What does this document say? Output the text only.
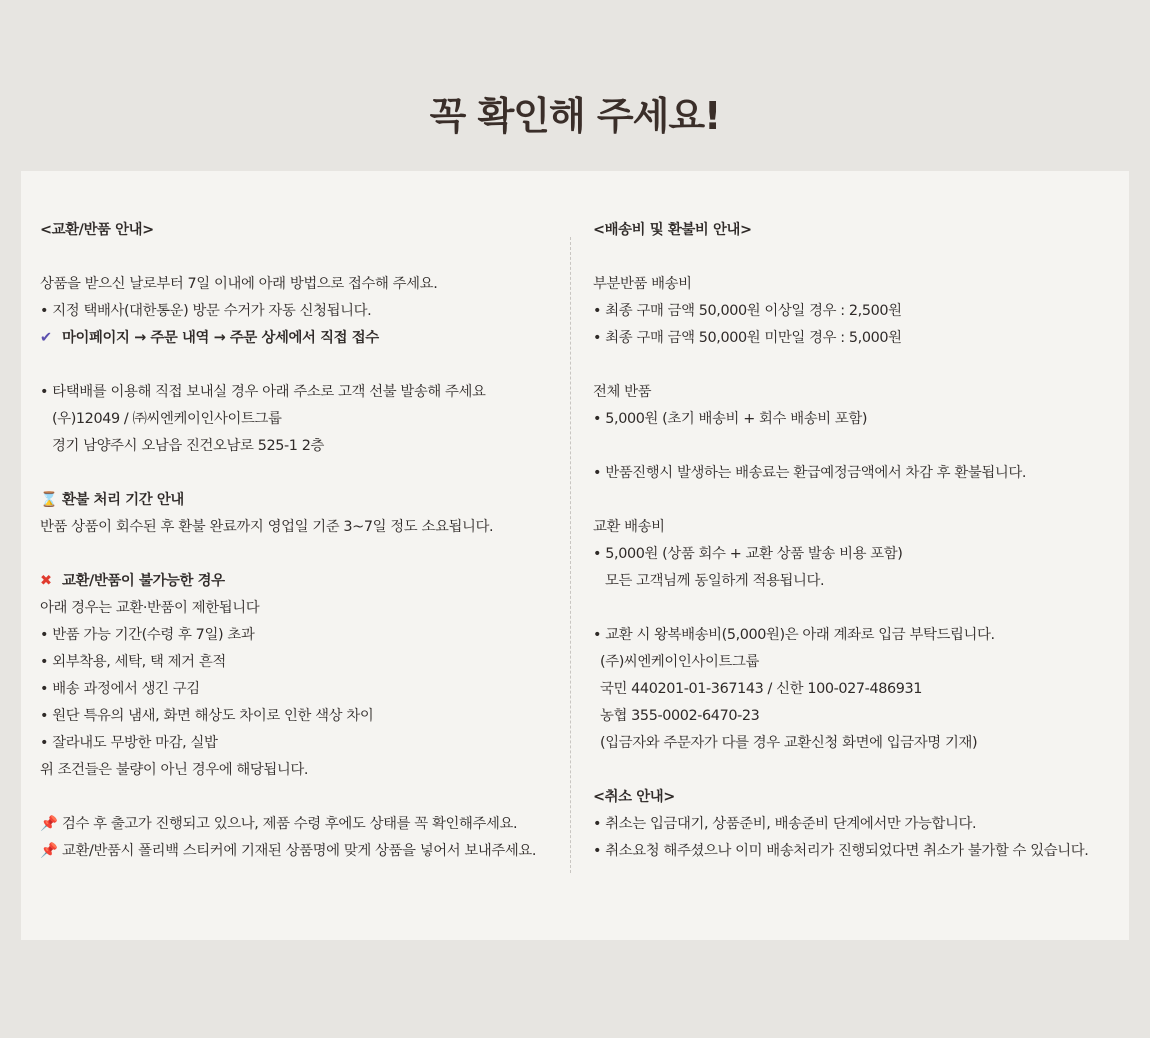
꼭 확인해 주세요!
<교환/반품 안내>
상품을 받으신 날로부터 7일 이내에 아래 방법으로 접수해 주세요.
• 지정 택배사(대한통운) 방문 수거가 자동 신청됩니다.
✔ 마이페이지 → 주문 내역 → 주문 상세에서 직접 접수
• 타택배를 이용해 직접 보내실 경우 아래 주소로 고객 선불 발송해 주세요
(우)12049 / ㈜씨엔케이인사이트그룹
경기 남양주시 오남읍 진건오남로 525-1 2층
⌛ 환불 처리 기간 안내
반품 상품이 회수된 후 환불 완료까지 영업일 기준 3~7일 정도 소요됩니다.
✖ 교환/반품이 불가능한 경우
아래 경우는 교환·반품이 제한됩니다
• 반품 가능 기간(수령 후 7일) 초과
• 외부착용, 세탁, 택 제거 흔적
• 배송 과정에서 생긴 구김
• 원단 특유의 냄새, 화면 해상도 차이로 인한 색상 차이
• 잘라내도 무방한 마감, 실밥
위 조건들은 불량이 아닌 경우에 해당됩니다.
📌 검수 후 출고가 진행되고 있으나, 제품 수령 후에도 상태를 꼭 확인해주세요.
📌 교환/반품시 폴리백 스티커에 기재된 상품명에 맞게 상품을 넣어서 보내주세요.
<배송비 및 환불비 안내>
부분반품 배송비
• 최종 구매 금액 50,000원 이상일 경우 : 2,500원
• 최종 구매 금액 50,000원 미만일 경우 : 5,000원
전체 반품
• 5,000원 (초기 배송비 + 회수 배송비 포함)
• 반품진행시 발생하는 배송료는 환급예정금액에서 차감 후 환불됩니다.
교환 배송비
• 5,000원 (상품 회수 + 교환 상품 발송 비용 포함)
모든 고객님께 동일하게 적용됩니다.
• 교환 시 왕복배송비(5,000원)은 아래 계좌로 입금 부탁드립니다.
(주)씨엔케이인사이트그룹
국민 440201-01-367143 / 신한 100-027-486931
농협 355-0002-6470-23
(입금자와 주문자가 다를 경우 교환신청 화면에 입금자명 기재)
<취소 안내>
• 취소는 입금대기, 상품준비, 배송준비 단계에서만 가능합니다.
• 취소요청 해주셨으나 이미 배송처리가 진행되었다면 취소가 불가할 수 있습니다.
